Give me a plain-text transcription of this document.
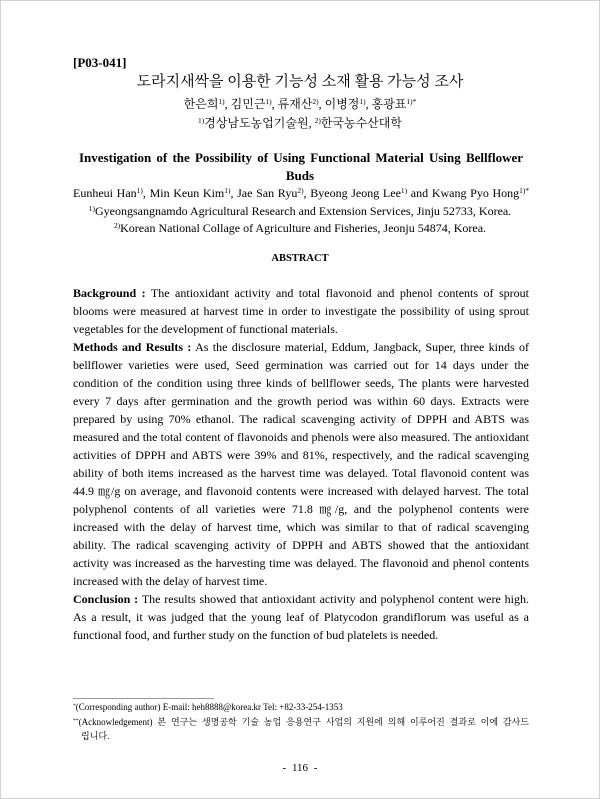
[P03-041]
도라지새싹을 이용한 기능성 소재 활용 가능성 조사
한은희$^{1)}$, 김민근$^{1)}$, 류재산$^{2)}$, 이병정$^{1)}$, 홍광표$^{1)*}$
$^{1)}$경상남도농업기술원, $^{2)}$한국농수산대학
Investigation of the Possibility of Using Functional Material Using Bellflower
Buds
Eunheui Han$^{1)}$, Min Keun Kim$^{1)}$, Jae San Ryu$^{2)}$, Byeong Jeong Lee$^{1)}$ and Kwang Pyo Hong$^{1)*}$
$^{1)}$Gyeongsangnamdo Agricultural Research and Extension Services, Jinju 52733, Korea.
$^{2)}$Korean National Collage of Agriculture and Fisheries, Jeonju 54874, Korea.
ABSTRACT
Background : The antioxidant activity and total flavonoid and phenol contents of sprout
blooms were measured at harvest time in order to investigate the possibility of using sprout
vegetables for the development of functional materials.
Methods and Results : As the disclosure material, Eddum, Jangback, Super, three kinds of
bellflower varieties were used, Seed germination was carried out for 14 days under the
condition of the condition using three kinds of bellflower seeds, The plants were harvested
every 7 days after germination and the growth period was within 60 days. Extracts were
prepared by using 70% ethanol. The radical scavenging activity of DPPH and ABTS was
measured and the total content of flavonoids and phenols were also measured. The antioxidant
activities of DPPH and ABTS were 39% and 81%, respectively, and the radical scavenging
ability of both items increased as the harvest time was delayed. Total flavonoid content was
44.9 ㎎/g on average, and flavonoid contents were increased with delayed harvest. The total
polyphenol contents of all varieties were 71.8 ㎎/g, and the polyphenol contents were
increased with the delay of harvest time, which was similar to that of radical scavenging
ability. The radical scavenging activity of DPPH and ABTS showed that the antioxidant
activity was increased as the harvesting time was delayed. The flavonoid and phenol contents
increased with the delay of harvest time.
Conclusion : The results showed that antioxidant activity and polyphenol content were high.
As a result, it was judged that the young leaf of Platycodon grandiflorum was useful as a
functional food, and further study on the function of bud platelets is needed.
*(Corresponding author) E-mail: heh8888@korea.kr Tel: +82-33-254-1353
**(Acknowledgement) 본 연구는 생명공학 기술 농업 응용연구 사업의 지원에 의해 이루어진 결과로 이에 감사드
립니다.
- 116 -
